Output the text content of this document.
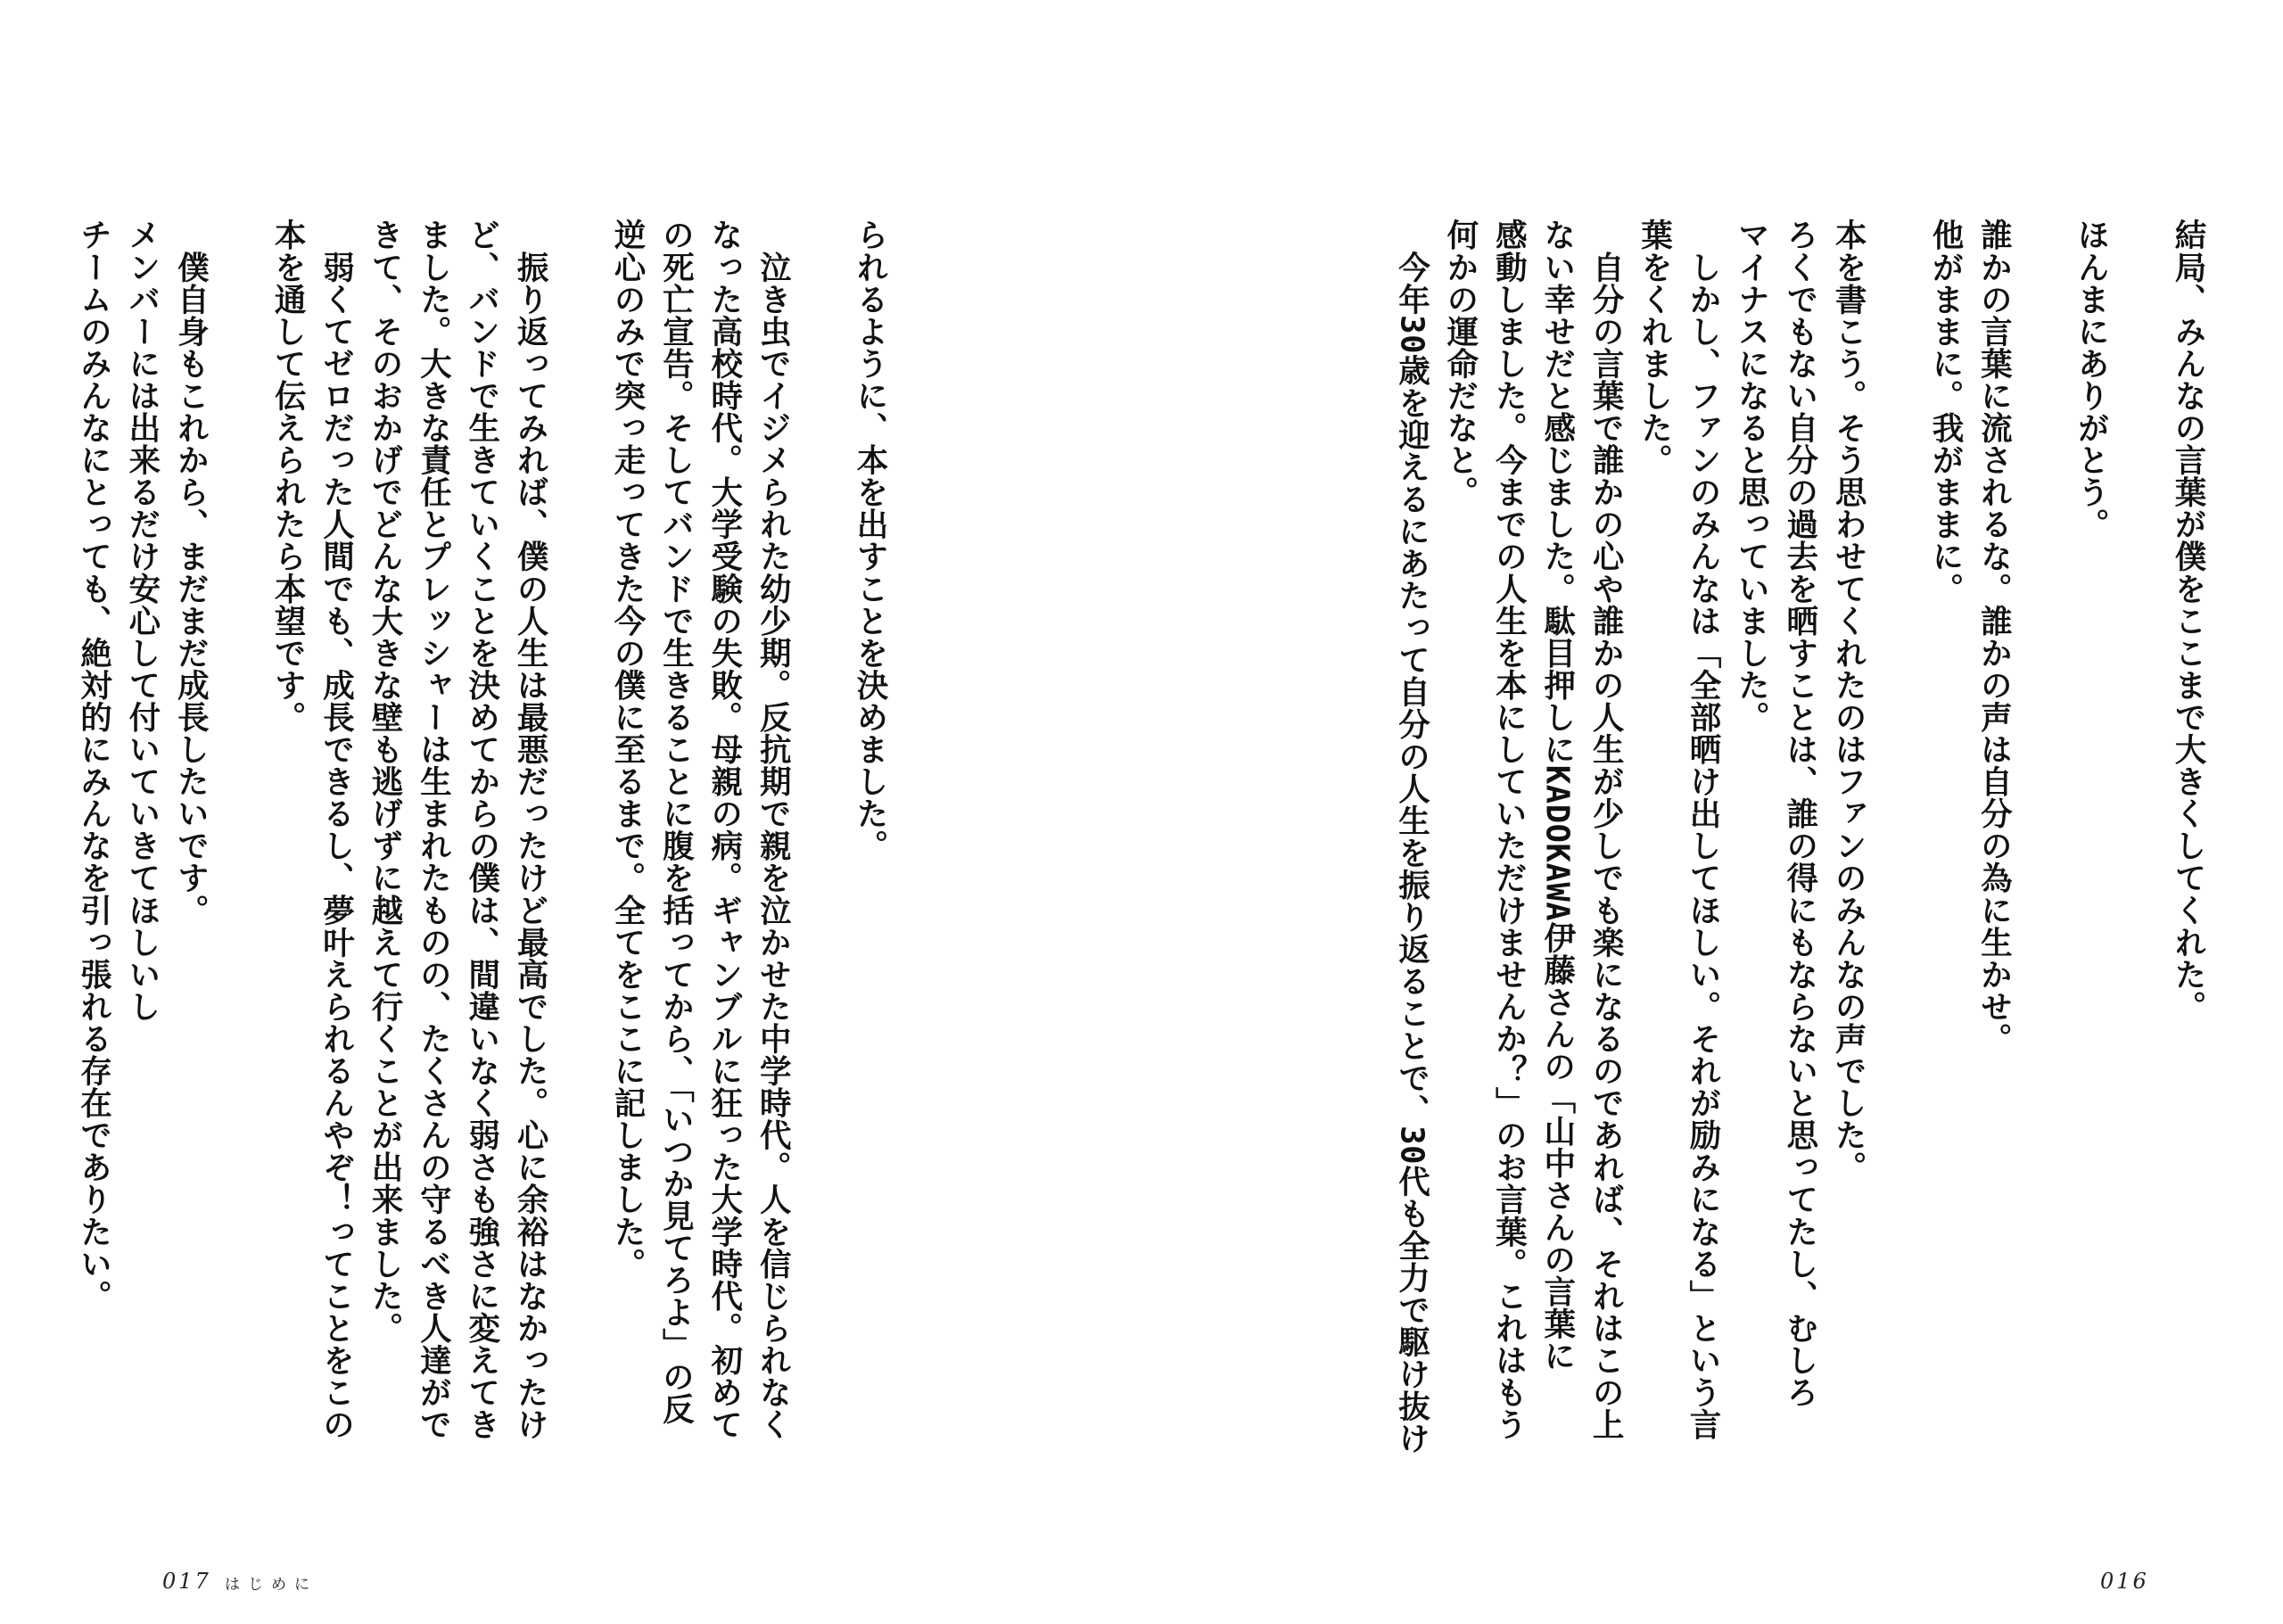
られるように、本を出すことを決めました。

　泣き虫でイジメられた幼少期。反抗期で親を泣かせた中学時代。人を信じられなく
なった高校時代。大学受験の失敗。母親の病。ギャンブルに狂った大学時代。初めて
の死亡宣告。そしてバンドで生きることに腹を括ってから、「いつか見てろよ」の反
逆心のみで突っ走ってきた今の僕に至るまで。全てをここに記しました。

　振り返ってみれば、僕の人生は最悪だったけど最高でした。心に余裕はなかったけ
ど、バンドで生きていくことを決めてからの僕は、間違いなく弱さも強さに変えてき
ました。大きな責任とプレッシャーは生まれたものの、たくさんの守るべき人達がで
きて、そのおかげでどんな大きな壁も逃げずに越えて行くことが出来ました。
　弱くてゼロだった人間でも、成長できるし、夢叶えられるんやぞ！ってことをこの
本を通して伝えられたら本望です。

　僕自身もこれから、まだまだ成長したいです。
メンバーには出来るだけ安心して付いていきてほしいし
チームのみんなにとっても、絶対的にみんなを引っ張れる存在でありたい。
017 はじめに
結局、みんなの言葉が僕をここまで大きくしてくれた。

ほんまにありがとう。

誰かの言葉に流されるな。誰かの声は自分の為に生かせ。
他がままに。我がままに。

本を書こう。そう思わせてくれたのはファンのみんなの声でした。
ろくでもない自分の過去を晒すことは、誰の得にもならないと思ってたし、むしろ
マイナスになると思っていました。
　しかし、ファンのみんなは「全部晒け出してほしい。それが励みになる」という言
葉をくれました。
　自分の言葉で誰かの心や誰かの人生が少しでも楽になるのであれば、それはこの上
ない幸せだと感じました。駄目押しにKADOKAWA伊藤さんの「山中さんの言葉に
感動しました。今までの人生を本にしていただけませんか？」のお言葉。これはもう
何かの運命だなと。
　今年30歳を迎えるにあたって自分の人生を振り返ることで、30代も全力で駆け抜け
016
